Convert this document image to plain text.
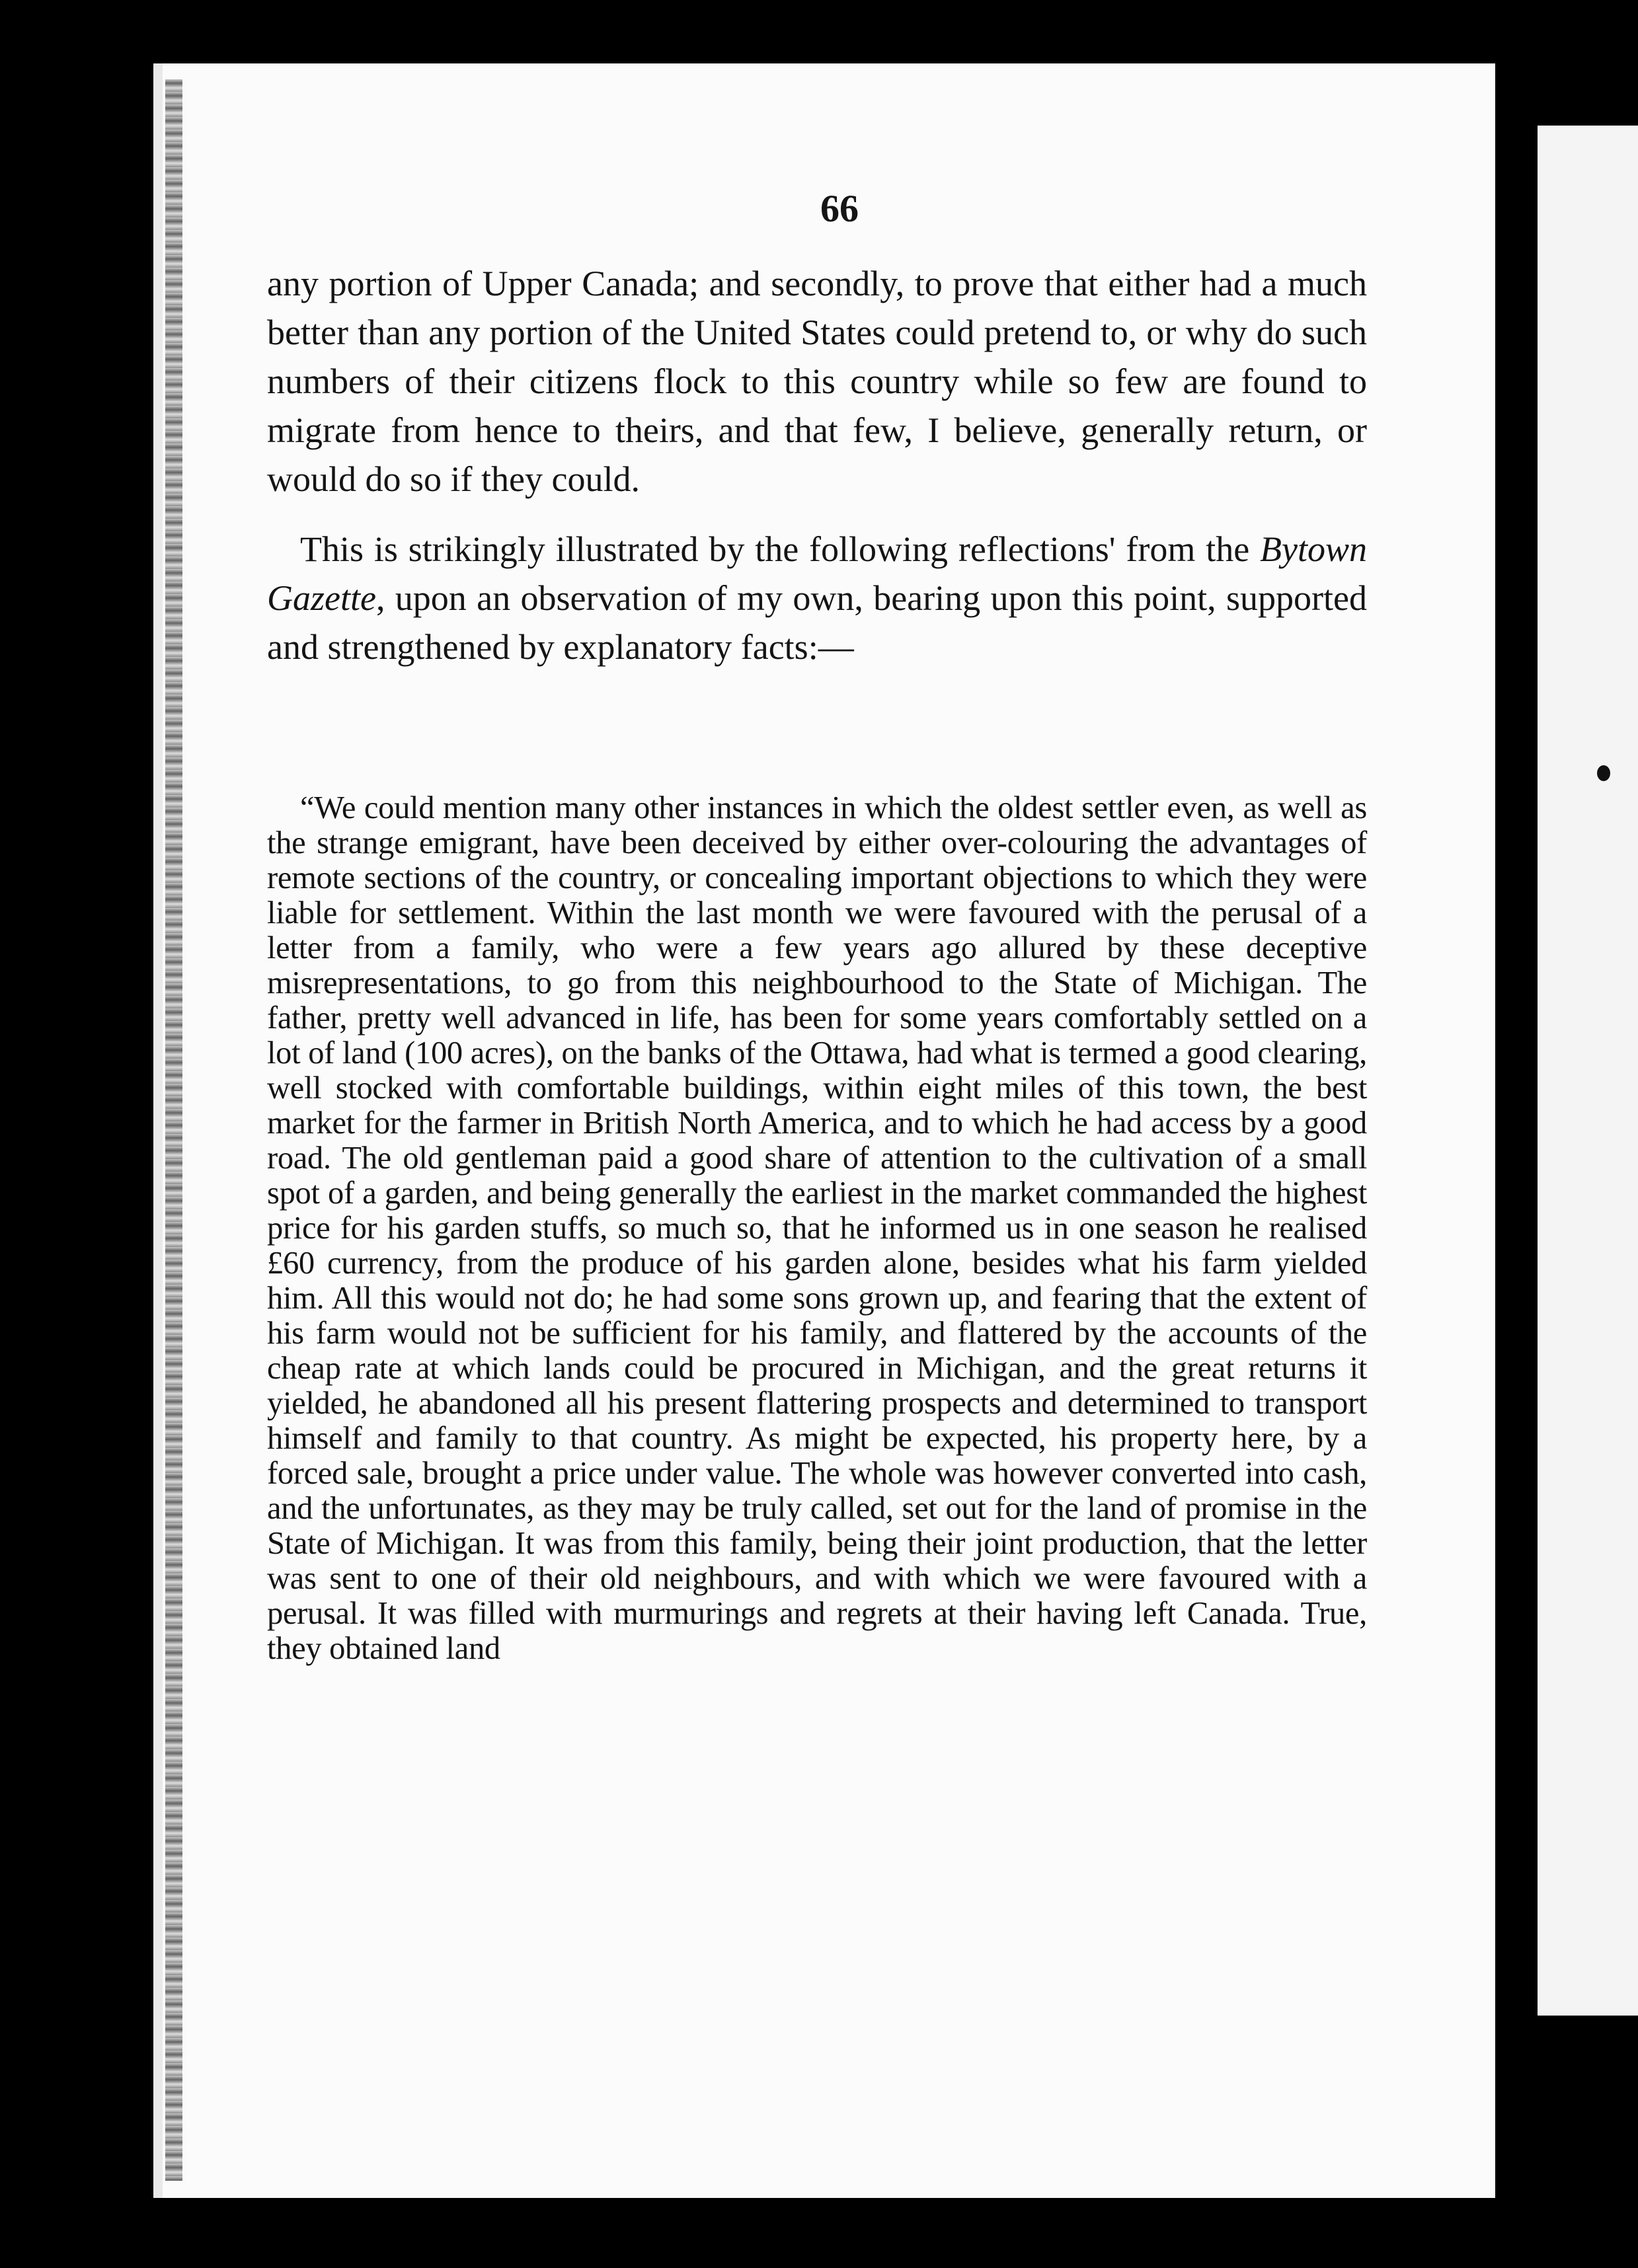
66

any portion of Upper Canada; and secondly, to prove that either had a much better than any portion of the United States could pretend to, or why do such numbers of their citizens flock to this country while so few are found to migrate from hence to theirs, and that few, I believe, generally return, or would do so if they could.

This is strikingly illustrated by the following reflections' from the Bytown Gazette, upon an observation of my own, bearing upon this point, supported and strengthened by explanatory facts:—

“We could mention many other instances in which the oldest settler even, as well as the strange emigrant, have been deceived by either over-colouring the advantages of remote sections of the country, or concealing important objections to which they were liable for settlement. Within the last month we were favoured with the perusal of a letter from a family, who were a few years ago allured by these deceptive misrepresentations, to go from this neighbourhood to the State of Michigan. The father, pretty well advanced in life, has been for some years comfortably settled on a lot of land (100 acres), on the banks of the Ottawa, had what is termed a good clearing, well stocked with comfortable buildings, within eight miles of this town, the best market for the farmer in British North America, and to which he had access by a good road. The old gentleman paid a good share of attention to the cultivation of a small spot of a garden, and being generally the earliest in the market commanded the highest price for his garden stuffs, so much so, that he informed us in one season he realised £60 currency, from the produce of his garden alone, besides what his farm yielded him. All this would not do; he had some sons grown up, and fearing that the extent of his farm would not be sufficient for his family, and flattered by the accounts of the cheap rate at which lands could be procured in Michigan, and the great returns it yielded, he abandoned all his present flattering prospects and determined to transport himself and family to that country. As might be expected, his property here, by a forced sale, brought a price under value. The whole was however converted into cash, and the unfortunates, as they may be truly called, set out for the land of promise in the State of Michigan. It was from this family, being their joint production, that the letter was sent to one of their old neighbours, and with which we were favoured with a perusal. It was filled with murmurings and regrets at their having left Canada. True, they obtained land
